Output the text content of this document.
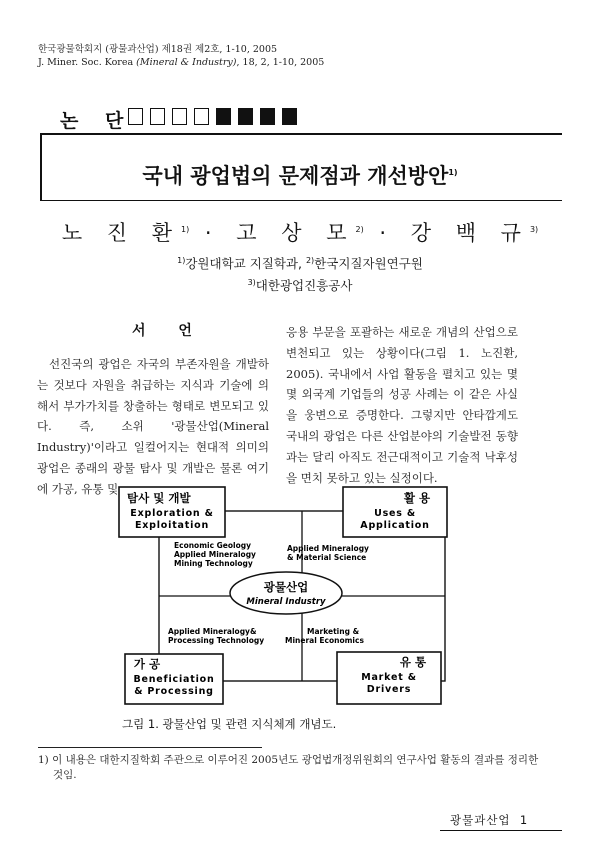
한국광물학회지 (광물과산업) 제18권 제2호, 1-10, 2005
J. Miner. Soc. Korea (Mineral & Industry), 18, 2, 1-10, 2005
논 단
국내 광업법의 문제점과 개선방안$^{1)}$
노 진 환$^{1)}$ · 고 상 모$^{2)}$ · 강 백 규$^{3)}$
$^{1)}$강원대학교 지질학과, $^{2)}$한국지질자원연구원
$^{3)}$대한광업진흥공사
서 언
선진국의 광업은 자국의 부존자원을 개발하는 것보다 자원을 취급하는 지식과 기술에 의해서 부가가치를 창출하는 형태로 변모되고 있다. 즉, 소위 '광물산업(Mineral Industry)'이라고 일컬어지는 현대적 의미의 광업은 종래의 광물 탐사 및 개발은 물론 여기에 가공, 유통 및
응용 부문을 포괄하는 새로운 개념의 산업으로 변천되고 있는 상황이다(그림 1. 노진환, 2005). 국내에서 사업 활동을 펼치고 있는 몇몇 외국계 기업들의 성공 사례는 이 같은 사실을 웅변으로 증명한다. 그렇지만 안타깝게도 국내의 광업은 다른 산업분야의 기술발전 동향과는 달리 아직도 전근대적이고 기술적 낙후성을 면치 못하고 있는 실정이다.
탐사 및 개발
Exploration &
Exploitation
활 용
Uses &
Application
가 공
Beneficiation
& Processing
유 통
Market &
Drivers
Economic Geology
Applied Mineralogy
Mining Technology
Applied Mineralogy
& Material Science
Applied Mineralogy&
Processing Technology
Marketing &
Mineral Economics
광물산업
Mineral Industry
그림 1. 광물산업 및 관련 지식체계 개념도.
1) 이 내용은 대한지질학회 주관으로 이루어진 2005년도 광업법개정위원회의 연구사업 활동의 결과를 정리한
것임.
광물과산업 1
